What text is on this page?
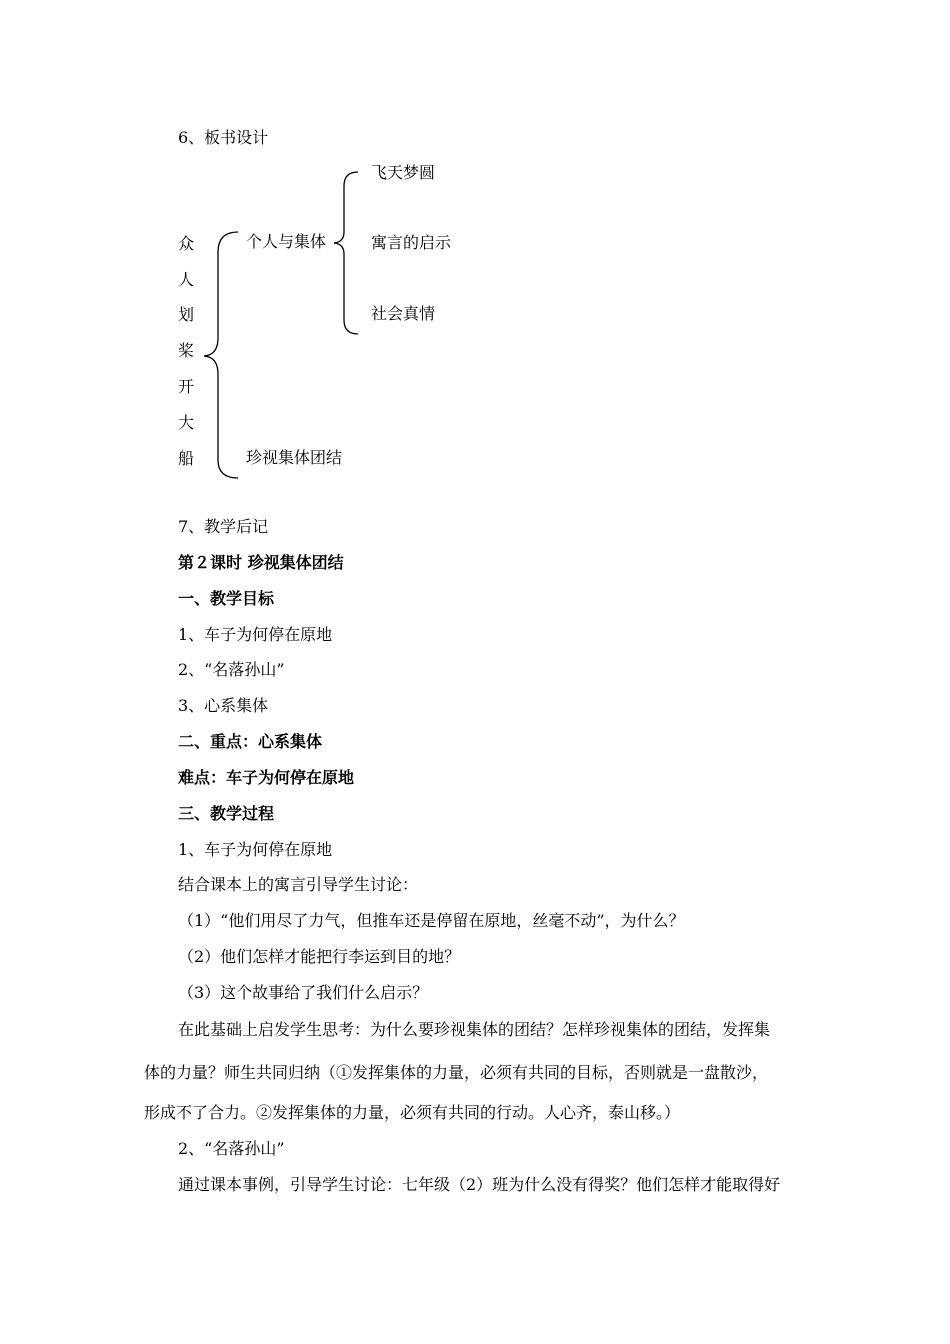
6、板书设计
众
人
划
桨
开
大
船
个人与集体
飞天梦圆
寓言的启示
社会真情
珍视集体团结
7、教学后记
第２课时 珍视集体团结
一、教学目标
1、车子为何停在原地
2、“名落孙山”
3、心系集体
二、重点：心系集体
难点：车子为何停在原地
三、教学过程
1、车子为何停在原地
结合课本上的寓言引导学生讨论：
（1）“他们用尽了力气，但推车还是停留在原地，丝毫不动”，为什么？
（2）他们怎样才能把行李运到目的地？
（3）这个故事给了我们什么启示？
在此基础上启发学生思考：为什么要珍视集体的团结？怎样珍视集体的团结，发挥集
体的力量？师生共同归纳（①发挥集体的力量，必须有共同的目标，否则就是一盘散沙，
形成不了合力。②发挥集体的力量，必须有共同的行动。人心齐，泰山移。）
2、“名落孙山”
通过课本事例，引导学生讨论：七年级（2）班为什么没有得奖？他们怎样才能取得好
